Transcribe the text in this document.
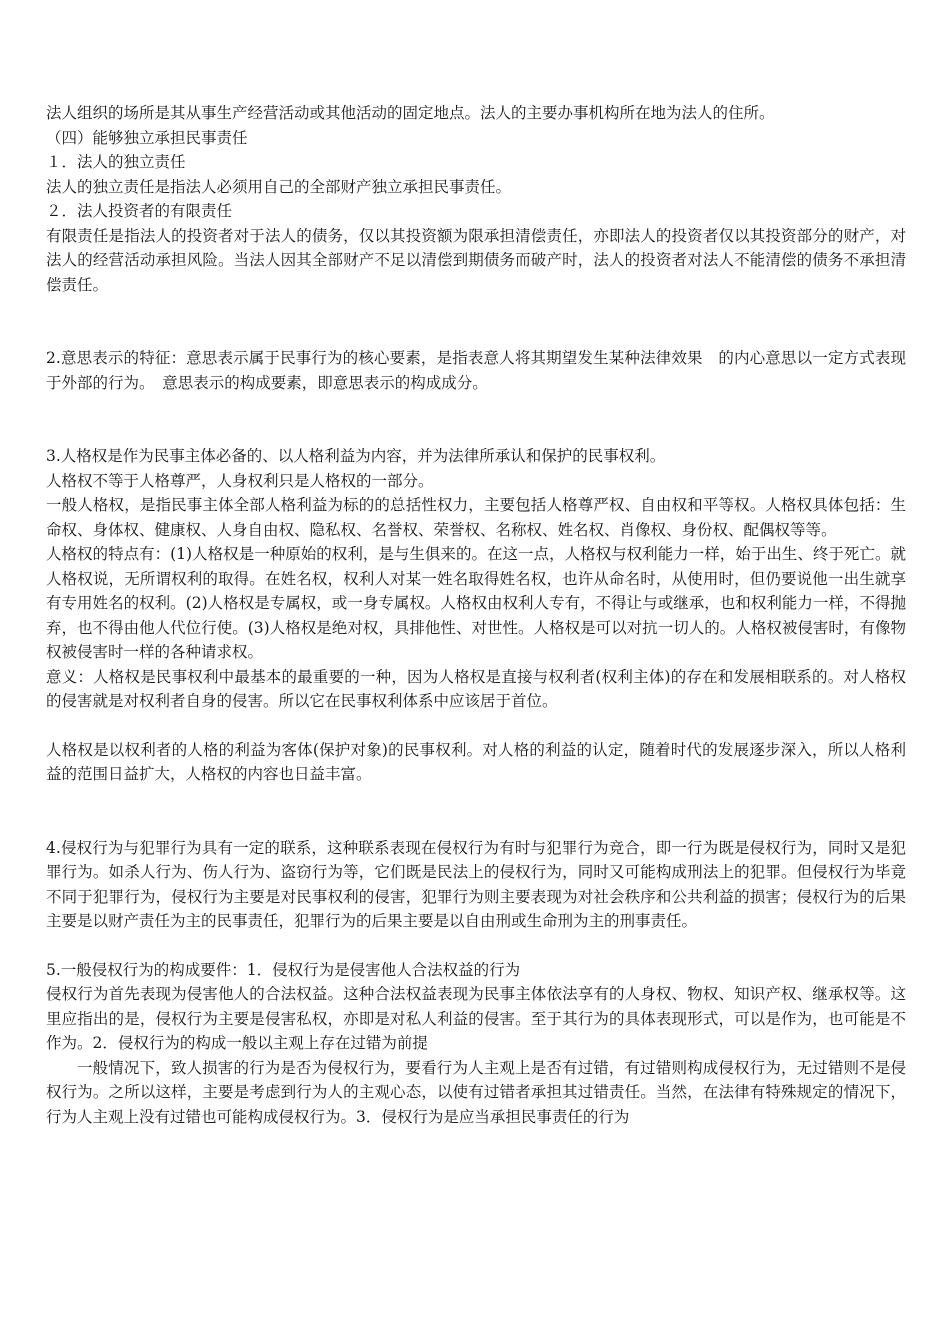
法人组织的场所是其从事生产经营活动或其他活动的固定地点。法人的主要办事机构所在地为法人的住所。

（四）能够独立承担民事责任

１．法人的独立责任

法人的独立责任是指法人必须用自己的全部财产独立承担民事责任。

２．法人投资者的有限责任

有限责任是指法人的投资者对于法人的债务，仅以其投资额为限承担清偿责任，亦即法人的投资者仅以其投资部分的财产，对法人的经营活动承担风险。当法人因其全部财产不足以清偿到期债务而破产时，法人的投资者对法人不能清偿的债务不承担清偿责任。

2.意思表示的特征：意思表示属于民事行为的核心要素，是指表意人将其期望发生某种法律效果　的内心意思以一定方式表现于外部的行为。　意思表示的构成要素，即意思表示的构成成分。

3.人格权是作为民事主体必备的、以人格利益为内容，并为法律所承认和保护的民事权利。

人格权不等于人格尊严，人身权利只是人格权的一部分。

一般人格权，是指民事主体全部人格利益为标的的总括性权力，主要包括人格尊严权、自由权和平等权。人格权具体包括：生命权、身体权、健康权、人身自由权、隐私权、名誉权、荣誉权、名称权、姓名权、肖像权、身份权、配偶权等等。

人格权的特点有：(1)人格权是一种原始的权利，是与生俱来的。在这一点，人格权与权利能力一样，始于出生、终于死亡。就人格权说，无所谓权利的取得。在姓名权，权利人对某一姓名取得姓名权，也许从命名时，从使用时，但仍要说他一出生就享有专用姓名的权利。(2)人格权是专属权，或一身专属权。人格权由权利人专有，不得让与或继承，也和权利能力一样，不得抛弃，也不得由他人代位行使。(3)人格权是绝对权，具排他性、对世性。人格权是可以对抗一切人的。人格权被侵害时，有像物权被侵害时一样的各种请求权。

意义：人格权是民事权利中最基本的最重要的一种，因为人格权是直接与权利者(权利主体)的存在和发展相联系的。对人格权的侵害就是对权利者自身的侵害。所以它在民事权利体系中应该居于首位。

人格权是以权利者的人格的利益为客体(保护对象)的民事权利。对人格的利益的认定，随着时代的发展逐步深入，所以人格利益的范围日益扩大，人格权的内容也日益丰富。

4.侵权行为与犯罪行为具有一定的联系，这种联系表现在侵权行为有时与犯罪行为竞合，即一行为既是侵权行为，同时又是犯罪行为。如杀人行为、伤人行为、盗窃行为等，它们既是民法上的侵权行为，同时又可能构成刑法上的犯罪。但侵权行为毕竟不同于犯罪行为，侵权行为主要是对民事权利的侵害，犯罪行为则主要表现为对社会秩序和公共利益的损害；侵权行为的后果主要是以财产责任为主的民事责任，犯罪行为的后果主要是以自由刑或生命刑为主的刑事责任。

5.一般侵权行为的构成要件：1．侵权行为是侵害他人合法权益的行为

侵权行为首先表现为侵害他人的合法权益。这种合法权益表现为民事主体依法享有的人身权、物权、知识产权、继承权等。这里应指出的是，侵权行为主要是侵害私权，亦即是对私人利益的侵害。至于其行为的具体表现形式，可以是作为，也可能是不作为。2．侵权行为的构成一般以主观上存在过错为前提

一般情况下，致人损害的行为是否为侵权行为，要看行为人主观上是否有过错，有过错则构成侵权行为，无过错则不是侵权行为。之所以这样，主要是考虑到行为人的主观心态，以使有过错者承担其过错责任。当然，在法律有特殊规定的情况下，行为人主观上没有过错也可能构成侵权行为。3．侵权行为是应当承担民事责任的行为
